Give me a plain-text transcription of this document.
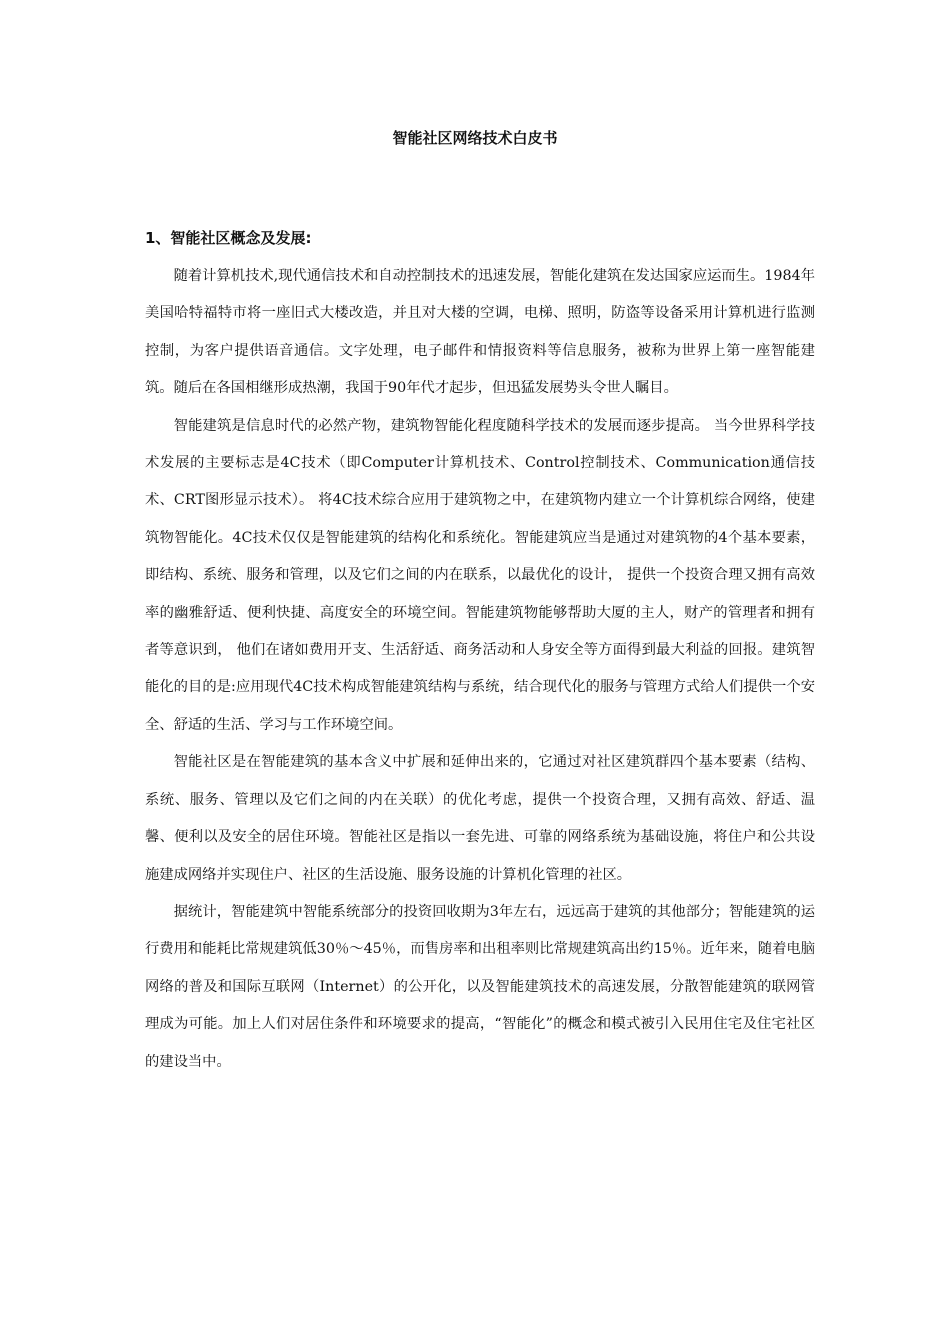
智能社区网络技术白皮书
1、智能社区概念及发展:

随着计算机技术,现代通信技术和自动控制技术的迅速发展，智能化建筑在发达国家应运而生。1984年美国哈特福特市将一座旧式大楼改造，并且对大楼的空调，电梯、照明，防盗等设备采用计算机进行监测控制，为客户提供语音通信。文字处理，电子邮件和情报资料等信息服务，被称为世界上第一座智能建筑。随后在各国相继形成热潮，我国于90年代才起步，但迅猛发展势头令世人瞩目。

智能建筑是信息时代的必然产物，建筑物智能化程度随科学技术的发展而逐步提高。 当今世界科学技术发展的主要标志是4C技术（即Computer计算机技术、Control控制技术、Communication通信技术、CRT图形显示技术）。 将4C技术综合应用于建筑物之中，在建筑物内建立一个计算机综合网络，使建筑物智能化。4C技术仅仅是智能建筑的结构化和系统化。智能建筑应当是通过对建筑物的4个基本要素，即结构、系统、服务和管理，以及它们之间的内在联系，以最优化的设计， 提供一个投资合理又拥有高效率的幽雅舒适、便利快捷、高度安全的环境空间。智能建筑物能够帮助大厦的主人，财产的管理者和拥有者等意识到， 他们在诸如费用开支、生活舒适、商务活动和人身安全等方面得到最大利益的回报。建筑智能化的目的是:应用现代4C技术构成智能建筑结构与系统，结合现代化的服务与管理方式给人们提供一个安全、舒适的生活、学习与工作环境空间。

智能社区是在智能建筑的基本含义中扩展和延伸出来的，它通过对社区建筑群四个基本要素（结构、系统、服务、管理以及它们之间的内在关联）的优化考虑，提供一个投资合理，又拥有高效、舒适、温馨、便利以及安全的居住环境。智能社区是指以一套先进、可靠的网络系统为基础设施，将住户和公共设施建成网络并实现住户、社区的生活设施、服务设施的计算机化管理的社区。

据统计，智能建筑中智能系统部分的投资回收期为3年左右，远远高于建筑的其他部分；智能建筑的运行费用和能耗比常规建筑低30％～45％，而售房率和出租率则比常规建筑高出约15％。近年来，随着电脑网络的普及和国际互联网（Internet）的公开化，以及智能建筑技术的高速发展，分散智能建筑的联网管理成为可能。加上人们对居住条件和环境要求的提高，“智能化”的概念和模式被引入民用住宅及住宅社区的建设当中。
